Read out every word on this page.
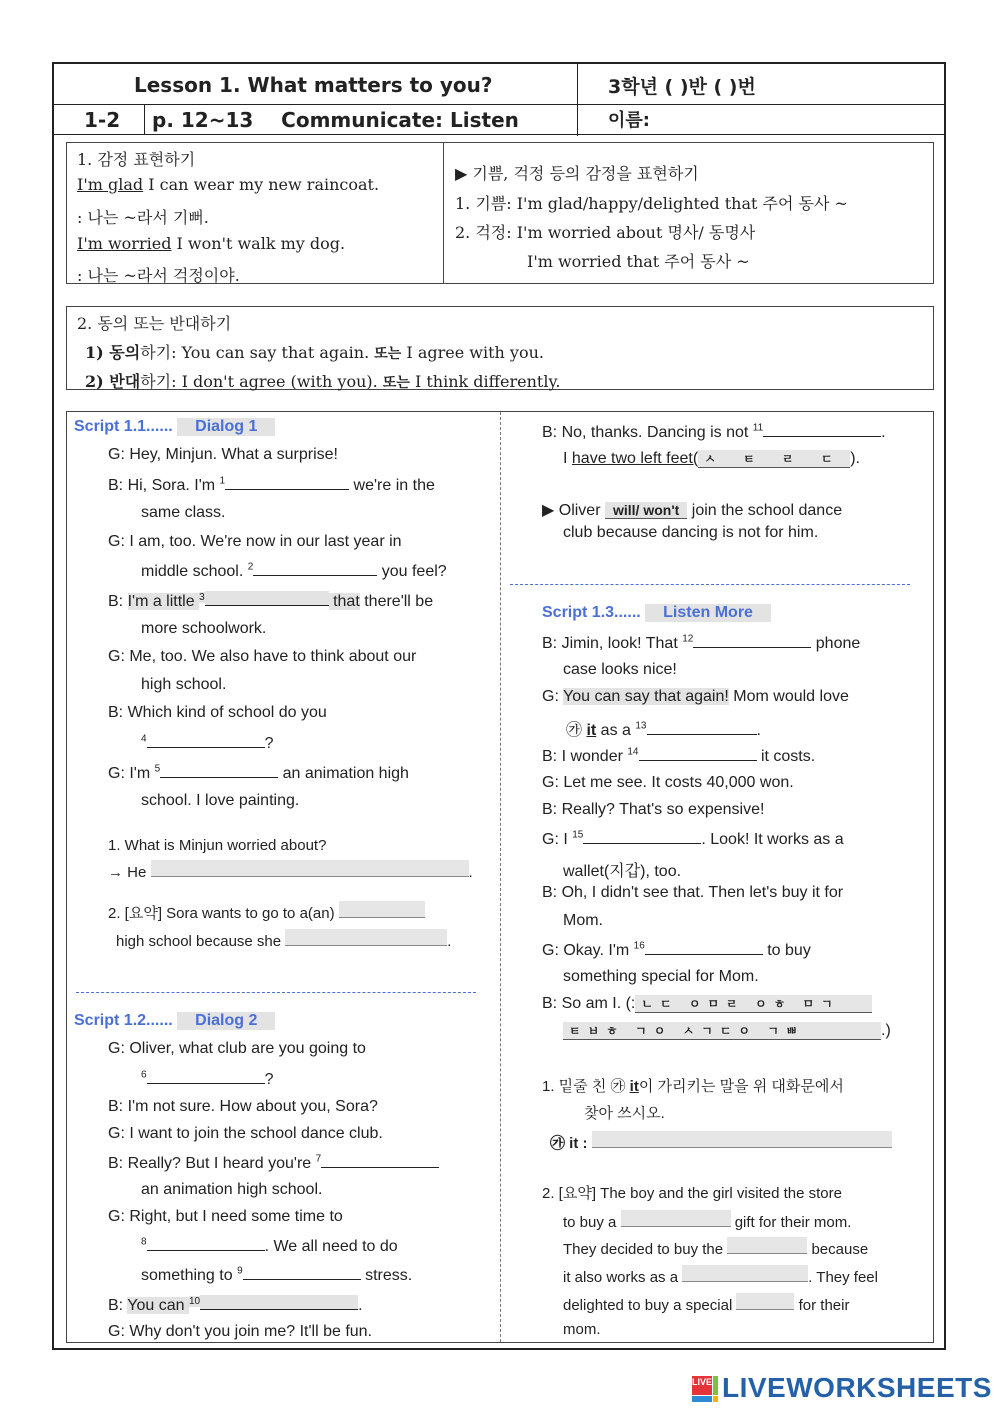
Lesson 1. What matters to you?	3학년 ( )반 ( )번
1-2 p. 12~13    Communicate: Listen	이름:
1. 감정 표현하기
I'm glad I can wear my new raincoat.
: 나는 ~라서 기뻐.
I'm worried I won't walk my dog.
: 나는 ~라서 걱정이야.
▶ 기쁨, 걱정 등의 감정을 표현하기
1. 기쁨: I'm glad/happy/delighted that 주어 동사 ~
2. 걱정: I'm worried about 명사/ 동명사
I'm worried that 주어 동사 ~
2. 동의 또는 반대하기
1) 동의하기: You can say that again. 또는 I agree with you.
2) 반대하기: I don't agree (with you). 또는 I think differently.
Script 1.1...... Dialog 1
G: Hey, Minjun. What a surprise!
B: Hi, Sora. I'm $^1$	we're in the
same class.
G: I am, too. We're now in our last year in
middle school. $^2$	you feel?
B: I'm a little $^3$	that there'll be
more schoolwork.
G: Me, too. We also have to think about our
high school.
B: Which kind of school do you
$^4$	?
G: I'm $^5$	an animation high
school. I love painting.
1. What is Minjun worried about?
→ He	.
2. [요약] Sora wants to go to a(an)
high school because she	.
Script 1.2...... Dialog 2
G: Oliver, what club are you going to
$^6$	?
B: I'm not sure. How about you, Sora?
G: I want to join the school dance club.
B: Really? But I heard you're $^7$
an animation high school.
G: Right, but I need some time to
$^8$	. We all need to do
something to $^9$	stress.
B: You can $^{10}$	.
G: Why don't you join me? It'll be fun.
B: No, thanks. Dancing is not $^{11}$	.
I have two left feet( ㅅ ㅌ ㄹ ㄷ ).
▶ Oliver will/ won't join the school dance
club because dancing is not for him.
Script 1.3...... Listen More
B: Jimin, look! That $^{12}$	phone
case looks nice!
G: You can say that again! Mom would love
㉮ it as a $^{13}$	.
B: I wonder $^{14}$	it costs.
G: Let me see. It costs 40,000 won.
B: Really? That's so expensive!
G: I $^{15}$	. Look! It works as a
wallet(지갑), too.
B: Oh, I didn't see that. Then let's buy it for
Mom.
G: Okay. I'm $^{16}$	to buy
something special for Mom.
B: So am I. (: ㄴㄷ ㅇㅁㄹ ㅇㅎ ㅁㄱ
ㅌㅂㅎ ㄱㅇ ㅅㄱㄷㅇ ㄱㅃ	.)
1. 밑줄 친 ㉮ it이 가리키는 말을 위 대화문에서
찾아 쓰시오.
㉮ it :
2. [요약] The boy and the girl visited the store
to buy a	gift for their mom.
They decided to buy the	because
it also works as a	. They feel
delighted to buy a special	for their
mom.
LIVE LIVEWORKSHEETS
